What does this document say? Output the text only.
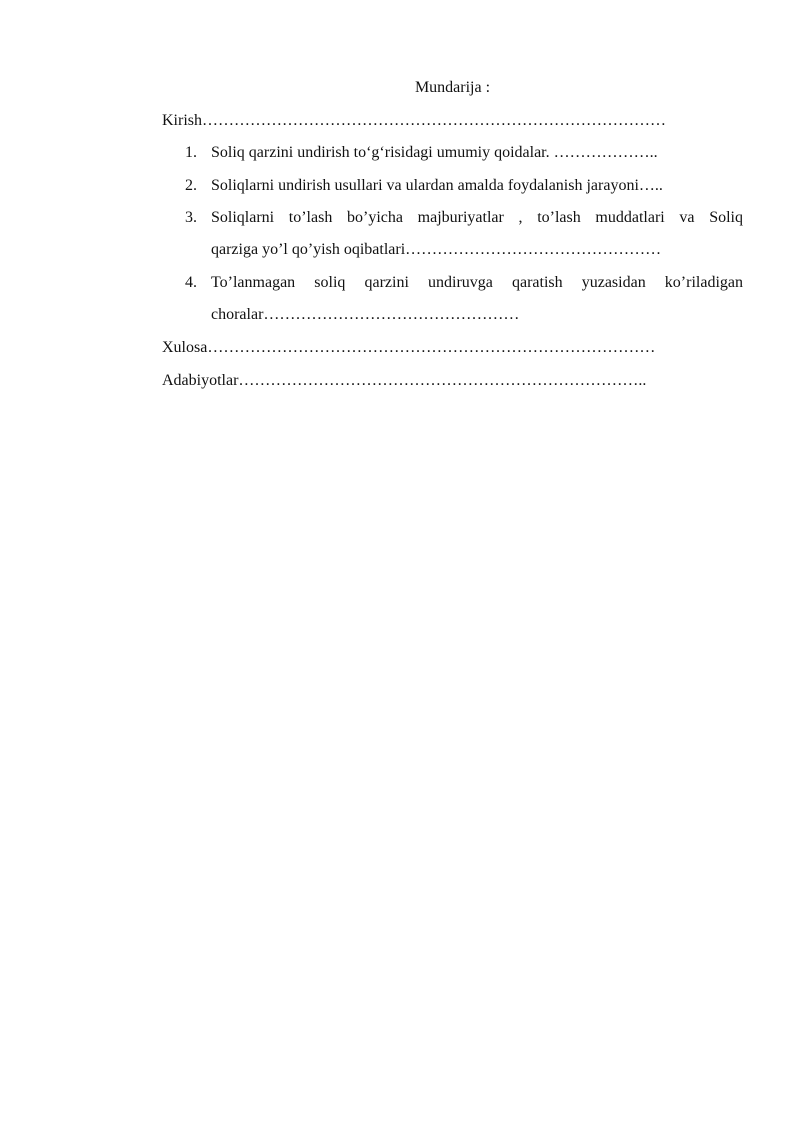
Mundarija :
Kirish……………………………………………………………………………
1. Soliq qarzini undirish to‘g‘risidagi umumiy qoidalar. ………………..
2. Soliqlarni undirish usullari va ulardan amalda foydalanish jarayoni…..
3. Soliqlarni to’lash bo’yicha majburiyatlar , to’lash muddatlari va Soliq
qarziga yo’l qo’yish oqibatlari…………………………………………
4. To’lanmagan soliq qarzini undiruvga qaratish yuzasidan ko’riladigan
choralar…………………………………………
Xulosa…………………………………………………………………………
Adabiyotlar…………………………………………………………………..
